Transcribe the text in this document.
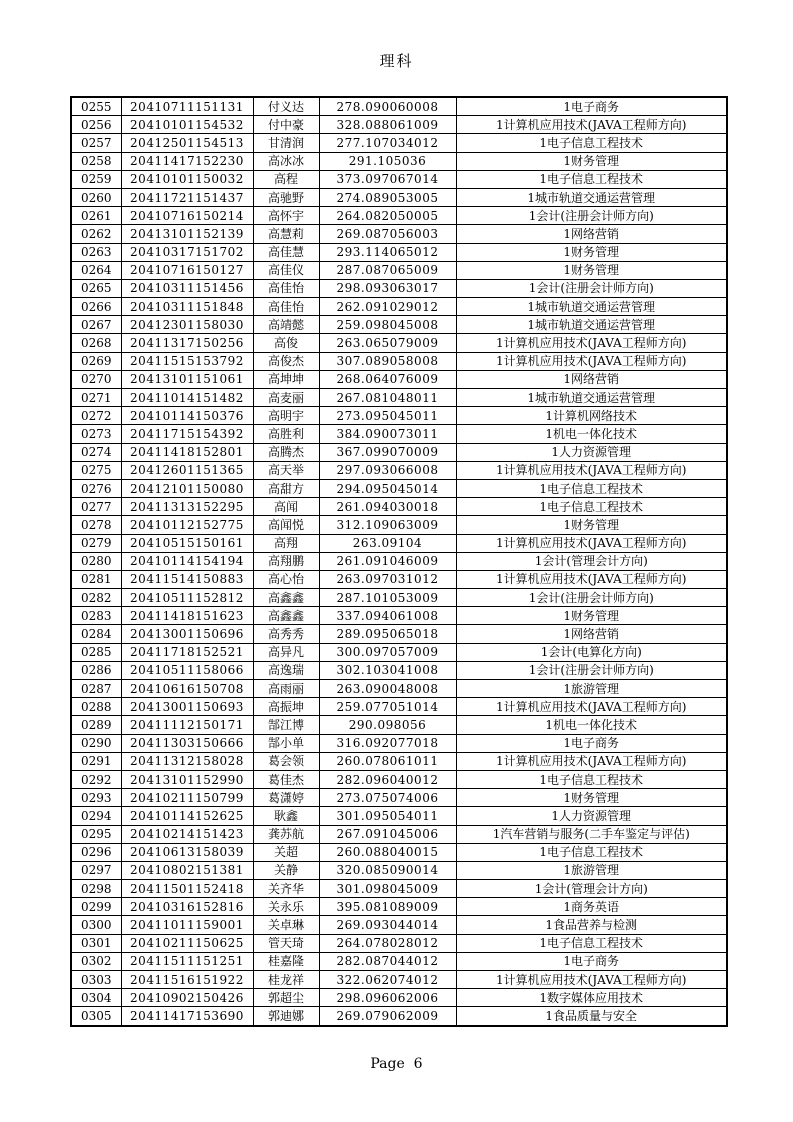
理科
0255	20410711151131	付义达	278.090060008	1电子商务
0256	20410101154532	付中豪	328.088061009	1计算机应用技术(JAVA工程师方向)
0257	20412501154513	甘清润	277.107034012	1电子信息工程技术
0258	20411417152230	高冰冰	291.105036	1财务管理
0259	20410101150032	高程	373.097067014	1电子信息工程技术
0260	20411721151437	高驰野	274.089053005	1城市轨道交通运营管理
0261	20410716150214	高怀宇	264.082050005	1会计(注册会计师方向)
0262	20413101152139	高慧莉	269.087056003	1网络营销
0263	20410317151702	高佳慧	293.114065012	1财务管理
0264	20410716150127	高佳仪	287.087065009	1财务管理
0265	20410311151456	高佳怡	298.093063017	1会计(注册会计师方向)
0266	20410311151848	高佳怡	262.091029012	1城市轨道交通运营管理
0267	20412301158030	高靖懿	259.098045008	1城市轨道交通运营管理
0268	20411317150256	高俊	263.065079009	1计算机应用技术(JAVA工程师方向)
0269	20411515153792	高俊杰	307.089058008	1计算机应用技术(JAVA工程师方向)
0270	20413101151061	高坤坤	268.064076009	1网络营销
0271	20411014151482	高麦丽	267.081048011	1城市轨道交通运营管理
0272	20410114150376	高明宇	273.095045011	1计算机网络技术
0273	20411715154392	高胜利	384.090073011	1机电一体化技术
0274	20411418152801	高腾杰	367.099070009	1人力资源管理
0275	20412601151365	高天举	297.093066008	1计算机应用技术(JAVA工程师方向)
0276	20412101150080	高甜方	294.095045014	1电子信息工程技术
0277	20411313152295	高闻	261.094030018	1电子信息工程技术
0278	20410112152775	高闻悦	312.109063009	1财务管理
0279	20410515150161	高翔	263.09104	1计算机应用技术(JAVA工程师方向)
0280	20410114154194	高翔鹏	261.091046009	1会计(管理会计方向)
0281	20411514150883	高心怡	263.097031012	1计算机应用技术(JAVA工程师方向)
0282	20410511152812	高鑫鑫	287.101053009	1会计(注册会计师方向)
0283	20411418151623	高鑫鑫	337.094061008	1财务管理
0284	20413001150696	高秀秀	289.095065018	1网络营销
0285	20411718152521	高异凡	300.097057009	1会计(电算化方向)
0286	20410511158066	高逸瑞	302.103041008	1会计(注册会计师方向)
0287	20410616150708	高雨丽	263.090048008	1旅游管理
0288	20413001150693	高振坤	259.077051014	1计算机应用技术(JAVA工程师方向)
0289	20411112150171	郜江博	290.098056	1机电一体化技术
0290	20411303150666	郜小单	316.092077018	1电子商务
0291	20411312158028	葛会领	260.078061011	1计算机应用技术(JAVA工程师方向)
0292	20413101152990	葛佳杰	282.096040012	1电子信息工程技术
0293	20410211150799	葛潇婷	273.075074006	1财务管理
0294	20410114152625	耿鑫	301.095054011	1人力资源管理
0295	20410214151423	龚苏航	267.091045006	1汽车营销与服务(二手车鉴定与评估)
0296	20410613158039	关超	260.088040015	1电子信息工程技术
0297	20410802151381	关静	320.085090014	1旅游管理
0298	20411501152418	关齐华	301.098045009	1会计(管理会计方向)
0299	20410316152816	关永乐	395.081089009	1商务英语
0300	20411011159001	关卓琳	269.093044014	1食品营养与检测
0301	20410211150625	管天琦	264.078028012	1电子信息工程技术
0302	20411511151251	桂嘉隆	282.087044012	1电子商务
0303	20411516151922	桂龙祥	322.062074012	1计算机应用技术(JAVA工程师方向)
0304	20410902150426	郭超尘	298.096062006	1数字媒体应用技术
0305	20411417153690	郭迪娜	269.079062009	1食品质量与安全
Page  6
